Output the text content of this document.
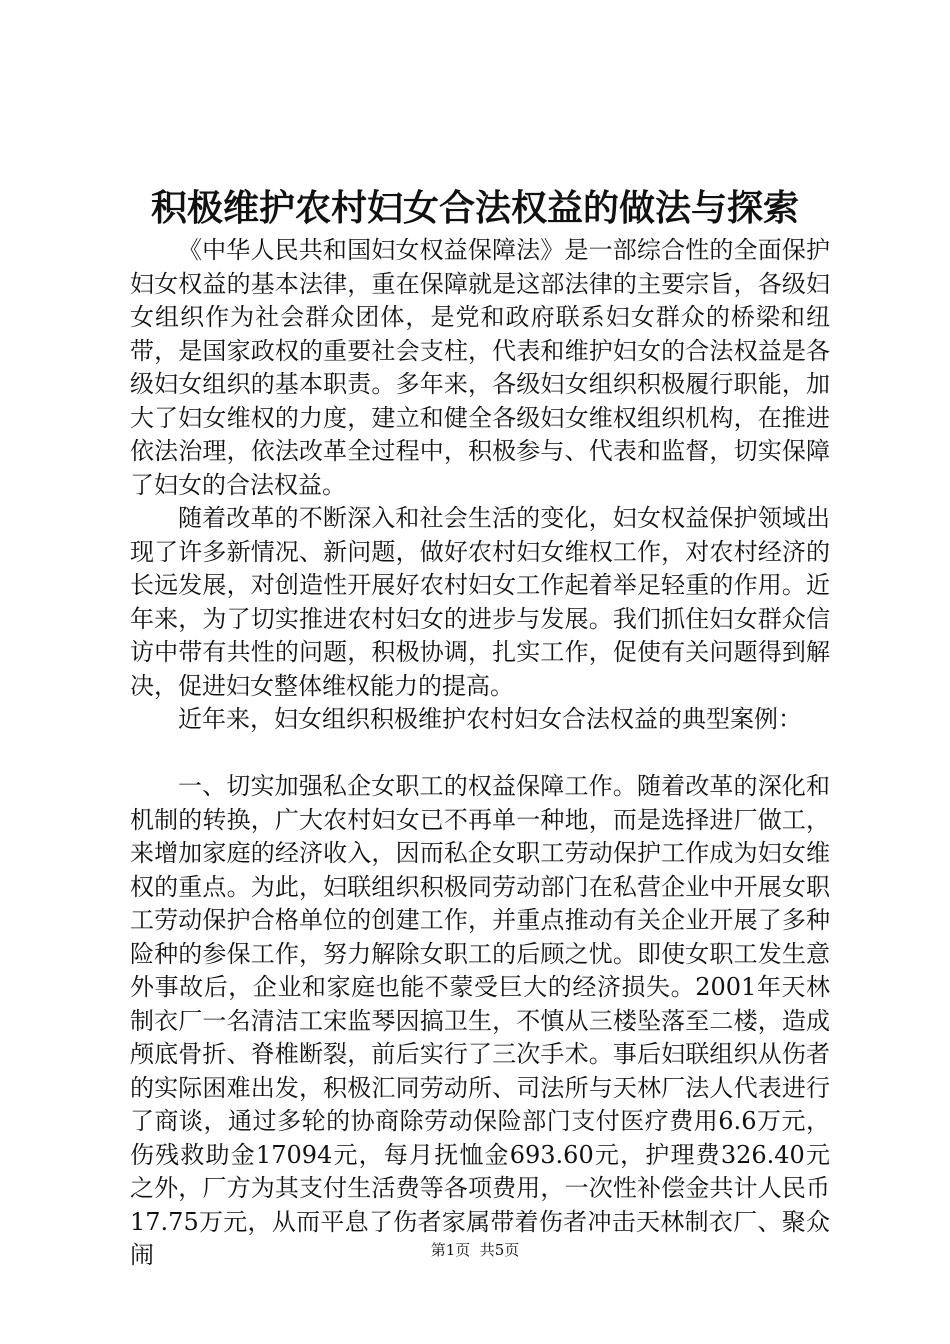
积极维护农村妇女合法权益的做法与探索

《中华人民共和国妇女权益保障法》是一部综合性的全面保护妇女权益的基本法律，重在保障就是这部法律的主要宗旨，各级妇女组织作为社会群众团体，是党和政府联系妇女群众的桥梁和纽带，是国家政权的重要社会支柱，代表和维护妇女的合法权益是各级妇女组织的基本职责。多年来，各级妇女组织积极履行职能，加大了妇女维权的力度，建立和健全各级妇女维权组织机构，在推进依法治理，依法改革全过程中，积极参与、代表和监督，切实保障了妇女的合法权益。

随着改革的不断深入和社会生活的变化，妇女权益保护领域出现了许多新情况、新问题，做好农村妇女维权工作，对农村经济的长远发展，对创造性开展好农村妇女工作起着举足轻重的作用。近年来，为了切实推进农村妇女的进步与发展。我们抓住妇女群众信访中带有共性的问题，积极协调，扎实工作，促使有关问题得到解决，促进妇女整体维权能力的提高。

近年来，妇女组织积极维护农村妇女合法权益的典型案例：

一、切实加强私企女职工的权益保障工作。随着改革的深化和机制的转换，广大农村妇女已不再单一种地，而是选择进厂做工，来增加家庭的经济收入，因而私企女职工劳动保护工作成为妇女维权的重点。为此，妇联组织积极同劳动部门在私营企业中开展女职工劳动保护合格单位的创建工作，并重点推动有关企业开展了多种险种的参保工作，努力解除女职工的后顾之忧。即使女职工发生意外事故后，企业和家庭也能不蒙受巨大的经济损失。2001年天林制衣厂一名清洁工宋监琴因搞卫生，不慎从三楼坠落至二楼，造成颅底骨折、脊椎断裂，前后实行了三次手术。事后妇联组织从伤者的实际困难出发，积极汇同劳动所、司法所与天林厂法人代表进行了商谈，通过多轮的协商除劳动保险部门支付医疗费用6.6万元，伤残救助金17094元，每月抚恤金693.60元，护理费326.40元之外，厂方为其支付生活费等各项费用，一次性补偿金共计人民币17.75万元，从而平息了伤者家属带着伤者冲击天林制衣厂、聚众闹	第1页  共5页
